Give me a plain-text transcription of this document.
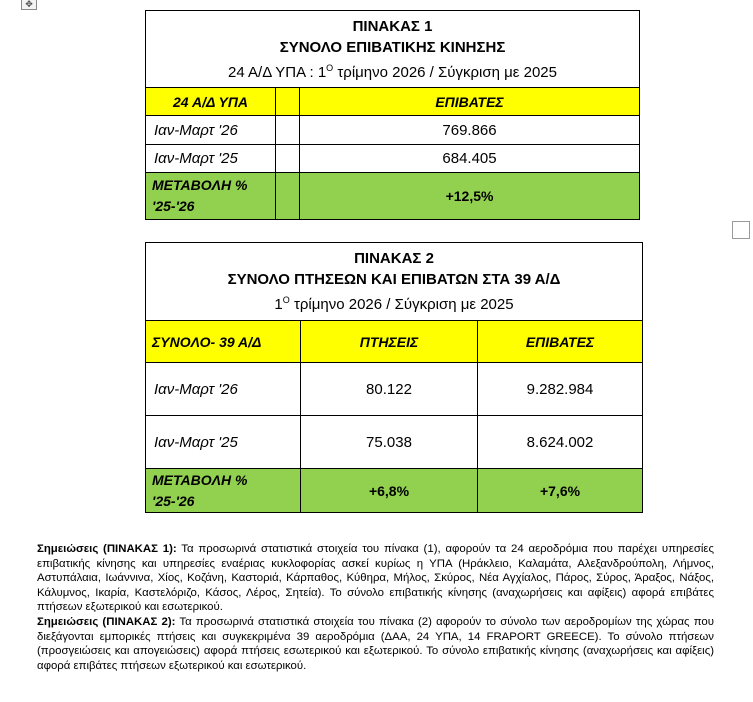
✥
ΠΙΝΑΚΑΣ 1
ΣΥΝΟΛΟ ΕΠΙΒΑΤΙΚΗΣ ΚΙΝΗΣΗΣ
24 Α/Δ ΥΠΑ : $1^O$ τρίμηνο 2026 / Σύγκριση με 2025		

24 Α/Δ ΥΠΑ		ΕΠΙΒΑΤΕΣ
Ιαν-Μαρτ '26		769.866
Ιαν-Μαρτ '25		684.405

ΜΕΤΑΒΟΛΗ %
'25-'26		+12,5%
ΠΙΝΑΚΑΣ 2
ΣΥΝΟΛΟ ΠΤΗΣΕΩΝ ΚΑΙ ΕΠΙΒΑΤΩΝ ΣΤΑ 39 Α/Δ
$1^O$ τρίμηνο 2026 / Σύγκριση με 2025		

ΣΥΝΟΛΟ- 39 Α/Δ	ΠΤΗΣΕΙΣ	ΕΠΙΒΑΤΕΣ
Ιαν-Μαρτ '26	80.122	9.282.984
Ιαν-Μαρτ '25	75.038	8.624.002

ΜΕΤΑΒΟΛΗ %
'25-'26	+6,8%	+7,6%

Σημειώσεις (ΠΙΝΑΚΑΣ 1): Τα προσωρινά στατιστικά στοιχεία του πίνακα (1), αφορούν τα 24 αεροδρόμια που παρέχει υπηρεσίες επιβατικής κίνησης και υπηρεσίες εναέριας κυκλοφορίας ασκεί κυρίως η ΥΠΑ (Ηράκλειο, Καλαμάτα, Αλεξανδρούπολη, Λήμνος, Αστυπάλαια, Ιωάννινα, Χίος, Κοζάνη, Καστοριά, Κάρπαθος, Κύθηρα, Μήλος, Σκύρος, Νέα Αγχίαλος, Πάρος, Σύρος, Άραξος, Νάξος, Κάλυμνος, Ικαρία, Καστελόριζο, Κάσος, Λέρος, Σητεία). Το σύνολο επιβατικής κίνησης (αναχωρήσεις και αφίξεις) αφορά επιβάτες πτήσεων εξωτερικού και εσωτερικού.

Σημειώσεις (ΠΙΝΑΚΑΣ 2): Τα προσωρινά στατιστικά στοιχεία του πίνακα (2) αφορούν το σύνολο των αεροδρομίων της χώρας που διεξάγονται εμπορικές πτήσεις και συγκεκριμένα 39 αεροδρόμια (ΔΑΑ, 24 ΥΠΑ, 14 FRAPORT GREECE). Το σύνολο πτήσεων (προσγειώσεις και απογειώσεις) αφορά πτήσεις εσωτερικού και εξωτερικού. Το σύνολο επιβατικής κίνησης (αναχωρήσεις και αφίξεις) αφορά επιβάτες πτήσεων εξωτερικού και εσωτερικού.
